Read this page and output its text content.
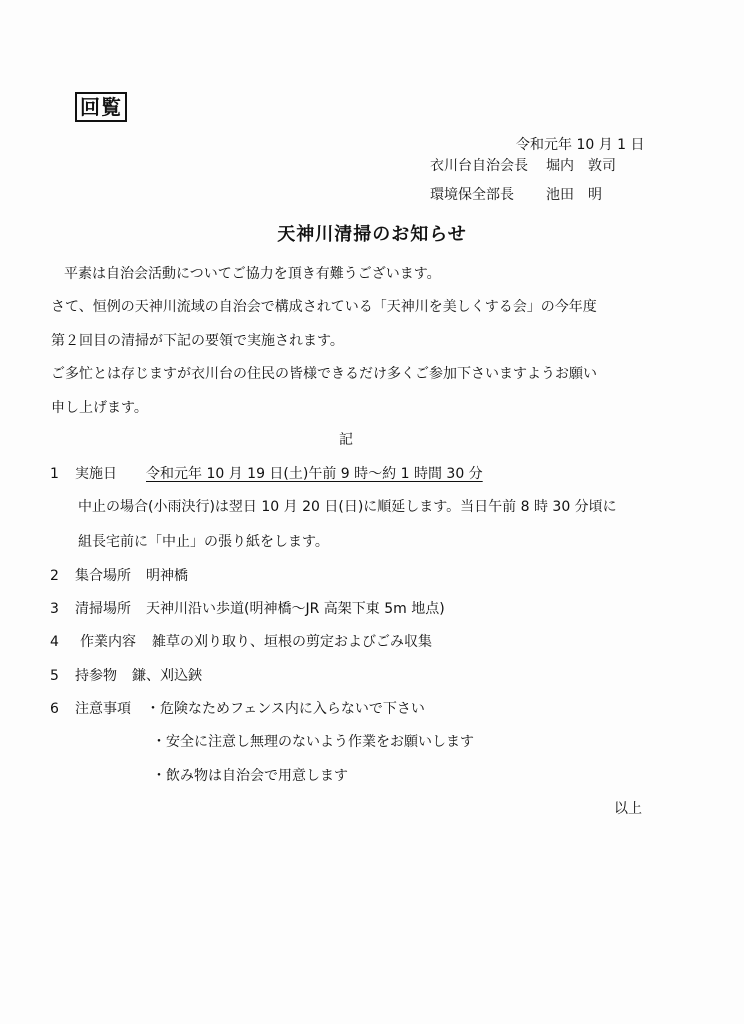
回覧
令和元年 10 月 1 日
衣川台自治会長 堀内　敦司
環境保全部長 池田　明
天神川清掃のお知らせ
平素は自治会活動についてご協力を頂き有難うございます。
さて、恒例の天神川流域の自治会で構成されている「天神川を美しくする会」の今年度
第２回目の清掃が下記の要領で実施されます。
ご多忙とは存じますが衣川台の住民の皆様できるだけ多くご参加下さいますようお願い
申し上げます。
記
1 実施日 令和元年 10 月 19 日(土)午前 9 時～約 1 時間 30 分
中止の場合(小雨決行)は翌日 10 月 20 日(日)に順延します。当日午前 8 時 30 分頃に
組長宅前に「中止」の張り紙をします。
2 集合場所 明神橋
3 清掃場所 天神川沿い歩道(明神橋～JR 高架下東 5m 地点)
4 作業内容 雑草の刈り取り、垣根の剪定およびごみ収集
5 持参物 鎌、刈込鋏
6 注意事項 ・危険なためフェンス内に入らないで下さい
・安全に注意し無理のないよう作業をお願いします
・飲み物は自治会で用意します
以上
